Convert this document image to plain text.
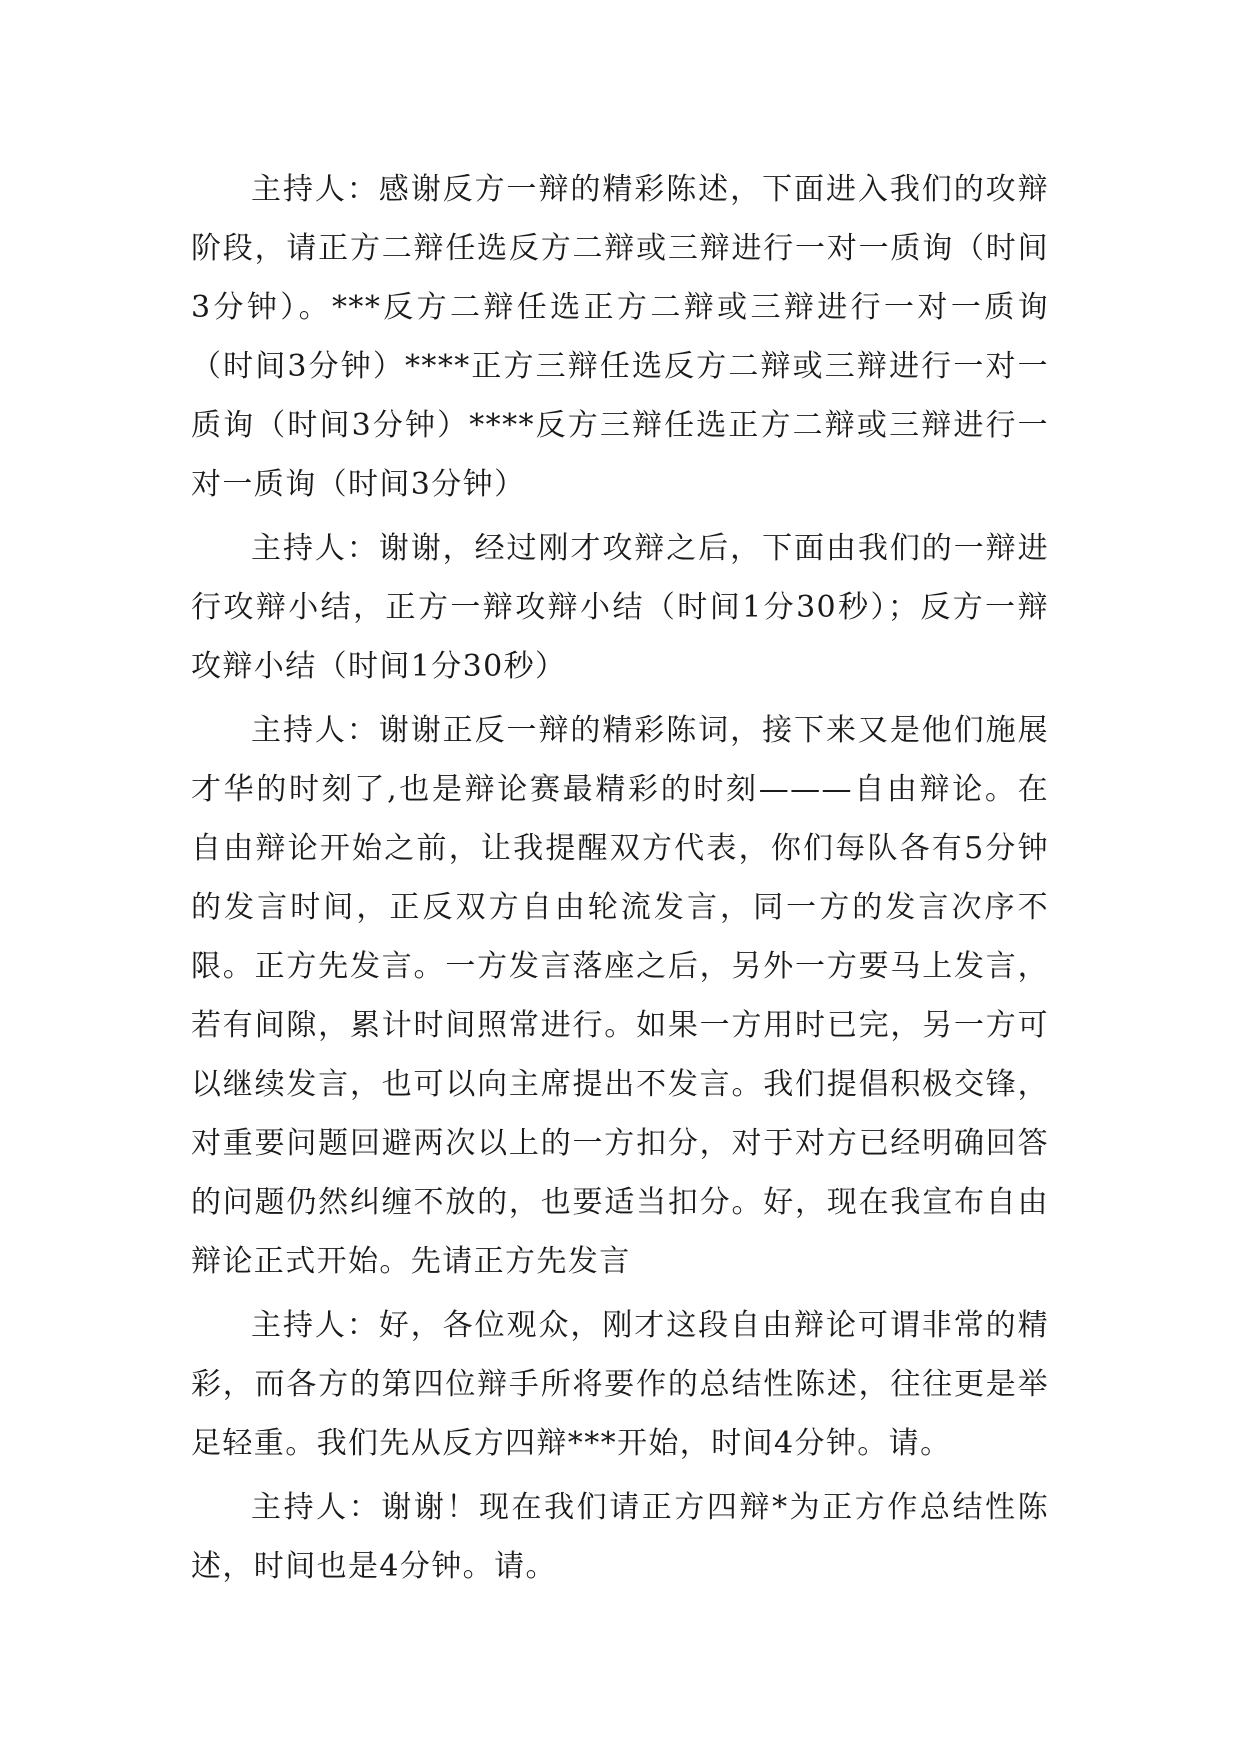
主持人：感谢反方一辩的精彩陈述，下面进入我们的攻辩阶段，请正方二辩任选反方二辩或三辩进行一对一质询（时间3分钟）。***反方二辩任选正方二辩或三辩进行一对一质询（时间3分钟）****正方三辩任选反方二辩或三辩进行一对一质询（时间3分钟）****反方三辩任选正方二辩或三辩进行一对一质询（时间3分钟）

主持人：谢谢，经过刚才攻辩之后，下面由我们的一辩进行攻辩小结，正方一辩攻辩小结（时间1分30秒）；反方一辩攻辩小结（时间1分30秒）

主持人：谢谢正反一辩的精彩陈词，接下来又是他们施展才华的时刻了,也是辩论赛最精彩的时刻———自由辩论。在自由辩论开始之前，让我提醒双方代表，你们每队各有5分钟的发言时间，正反双方自由轮流发言，同一方的发言次序不限。正方先发言。一方发言落座之后，另外一方要马上发言，若有间隙，累计时间照常进行。如果一方用时已完，另一方可以继续发言，也可以向主席提出不发言。我们提倡积极交锋，对重要问题回避两次以上的一方扣分，对于对方已经明确回答的问题仍然纠缠不放的，也要适当扣分。好，现在我宣布自由辩论正式开始。先请正方先发言

主持人：好，各位观众，刚才这段自由辩论可谓非常的精彩，而各方的第四位辩手所将要作的总结性陈述，往往更是举足轻重。我们先从反方四辩***开始，时间4分钟。请。

主持人：谢谢！现在我们请正方四辩*为正方作总结性陈述，时间也是4分钟。请。
